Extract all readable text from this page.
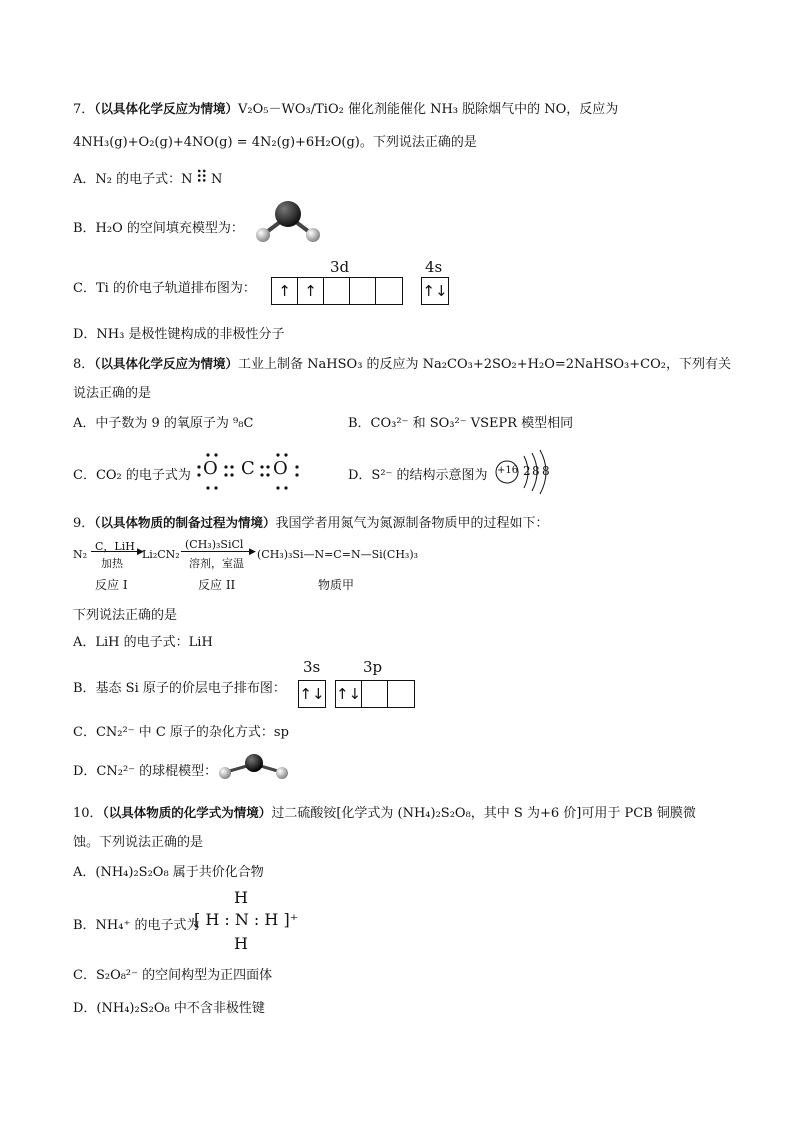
7．（以具体化学反应为情境）V₂O₅－WO₃/TiO₂ 催化剂能催化 NH₃ 脱除烟气中的 NO，反应为
4NH₃(g)+O₂(g)+4NO(g) = 4N₂(g)+6H₂O(g)。下列说法正确的是
A．N₂ 的电子式：N ⠿ N
B．H₂O 的空间填充模型为：
C．Ti 的价电子轨道排布图为：
3d	4s
↑ ↑	↑↓
D．NH₃ 是极性键构成的非极性分子
8．（以具体化学反应为情境）工业上制备 NaHSO₃ 的反应为 Na₂CO₃+2SO₂+H₂O=2NaHSO₃+CO₂，下列有关
说法正确的是
A．中子数为 9 的氧原子为 ⁹₈C	B．CO₃²⁻ 和 SO₃²⁻ VSEPR 模型相同
C．CO₂ 的电子式为 O C O	D．S²⁻ 的结构示意图为 +16 2 8 8
9．（以具体物质的制备过程为情境）我国学者用氮气为氮源制备物质甲的过程如下：
N₂
C，LiH ▶
加热
Li₂CN₂
(CH₃)₃SiCl
▶
溶剂，室温
(CH₃)₃Si—N=C=N—Si(CH₃)₃
反应 I	反应 II	物质甲
下列说法正确的是
A．LiH 的电子式：LiH
B．基态 Si 原子的价层电子排布图：
3s	3p
↑↓ ↑↓
C．CN₂²⁻ 中 C 原子的杂化方式：sp
D．CN₂²⁻ 的球棍模型：
10．（以具体物质的化学式为情境）过二硫酸铵[化学式为 (NH₄)₂S₂O₈，其中 S 为+6 价]可用于 PCB 铜膜微
蚀。下列说法正确的是
A．(NH₄)₂S₂O₈ 属于共价化合物
B．NH₄⁺ 的电子式为
[ H : N : H ]⁺
H
H
C．S₂O₈²⁻ 的空间构型为正四面体
D．(NH₄)₂S₂O₈ 中不含非极性键
